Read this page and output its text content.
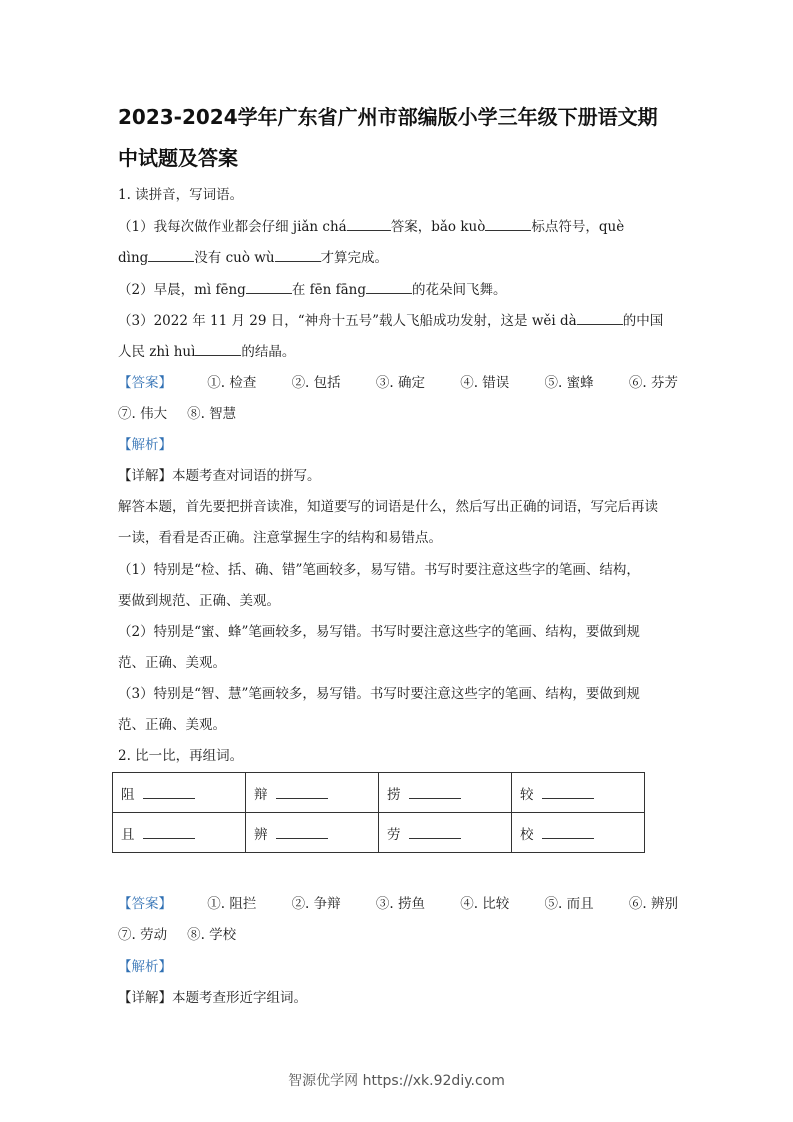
2023-2024学年广东省广州市部编版小学三年级下册语文期
中试题及答案
1. 读拼音，写词语。
（1）我每次做作业都会仔细 jiǎn chá	答案，bǎo kuò	标点符号，què
dìng	没有 cuò wù	才算完成。
（2）早晨，mì fēng	在 fēn fāng	的花朵间飞舞。
（3）2022 年 11 月 29 日，“神舟十五号”载人飞船成功发射，这是 wěi dà	的中国
人民 zhì huì	的结晶。
【答案】	①. 检查	②. 包括	③. 确定	④. 错误	⑤. 蜜蜂	⑥. 芬芳
⑦. 伟大 ⑧. 智慧
【解析】
【详解】本题考查对词语的拼写。
解答本题，首先要把拼音读准，知道要写的词语是什么，然后写出正确的词语，写完后再读
一读，看看是否正确。注意掌握生字的结构和易错点。
（1）特别是“检、括、确、错”笔画较多，易写错。书写时要注意这些字的笔画、结构，
要做到规范、正确、美观。
（2）特别是“蜜、蜂”笔画较多，易写错。书写时要注意这些字的笔画、结构，要做到规
范、正确、美观。
（3）特别是“智、慧”笔画较多，易写错。书写时要注意这些字的笔画、结构，要做到规
范、正确、美观。
2. 比一比，再组词。
阻	辩	捞	较
且	辨	劳	校
【答案】	①. 阻拦	②. 争辩	③. 捞鱼	④. 比较	⑤. 而且	⑥. 辨别
⑦. 劳动 ⑧. 学校
【解析】
【详解】本题考查形近字组词。
智源优学网 https://xk.92diy.com
